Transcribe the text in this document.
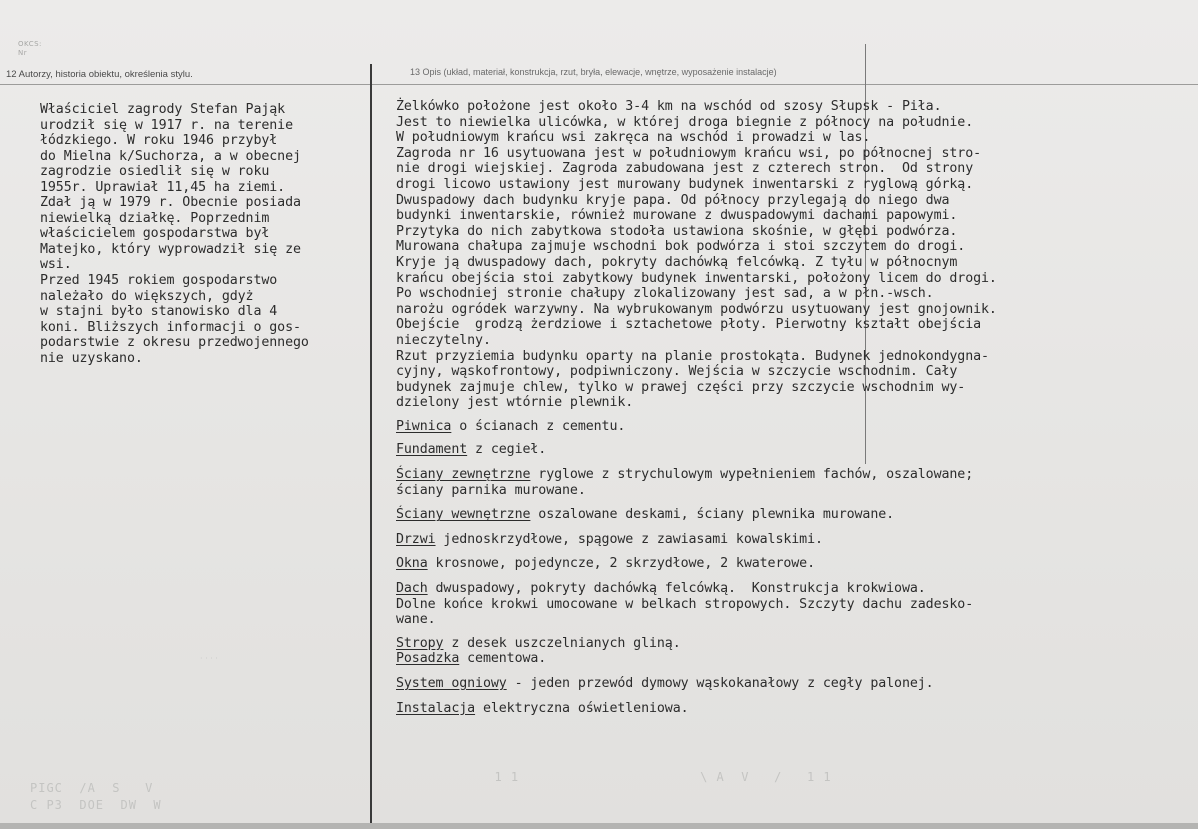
OKCS:
Nr
12 Autorzy, historia obiektu, określenia stylu.	13 Opis (układ, materiał, konstrukcja, rzut, bryła, elewacje, wnętrze, wyposażenie instalacje)
Właściciel zagrody Stefan Pająk
urodził się w 1917 r. na terenie
łódzkiego. W roku 1946 przybył
do Mielna k/Suchorza, a w obecnej
zagrodzie osiedlił się w roku
1955r. Uprawiał 11,45 ha ziemi.
Zdał ją w 1979 r. Obecnie posiada
niewielką działkę. Poprzednim
właścicielem gospodarstwa był
Matejko, który wyprowadził się ze
wsi.
Przed 1945 rokiem gospodarstwo
należało do większych, gdyż
w stajni było stanowisko dla 4
koni. Bliższych informacji o gos-
podarstwie z okresu przedwojennego
nie uzyskano.
Żelkówko położone jest około 3-4 km na wschód od szosy Słupsk - Piła.
Jest to niewielka ulicówka, w której droga biegnie z północy na południe.
W południowym krańcu wsi zakręca na wschód i prowadzi w las.
Zagroda nr 16 usytuowana jest w południowym krańcu wsi, po północnej stro-
nie drogi wiejskiej. Zagroda zabudowana jest z czterech stron.  Od strony
drogi licowo ustawiony jest murowany budynek inwentarski z ryglową górką.
Dwuspadowy dach budynku kryje papa. Od północy przylegają do niego dwa
budynki inwentarskie, również murowane z dwuspadowymi dachami papowymi.
Przytyka do nich zabytkowa stodoła ustawiona skośnie, w głębi podwórza.
Murowana chałupa zajmuje wschodni bok podwórza i stoi szczytem do drogi.
Kryje ją dwuspadowy dach, pokryty dachówką felcówką. Z tyłu w północnym
krańcu obejścia stoi zabytkowy budynek inwentarski, położony licem do drogi.
Po wschodniej stronie chałupy zlokalizowany jest sad, a w płn.-wsch.
narożu ogródek warzywny. Na wybrukowanym podwórzu usytuowany jest gnojownik.
Obejście  grodzą żerdziowe i sztachetowe płoty. Pierwotny kształt obejścia
nieczytelny.
Rzut przyziemia budynku oparty na planie prostokąta. Budynek jednokondygna-
cyjny, wąskofrontowy, podpiwniczony. Wejścia w szczycie wschodnim. Cały
budynek zajmuje chlew, tylko w prawej części przy szczycie wschodnim wy-
dzielony jest wtórnie plewnik.
Piwnica o ścianach z cementu.
Fundament z cegieł.
Ściany zewnętrzne ryglowe z strychulowym wypełnieniem fachów, oszalowane;
ściany parnika murowane.
Ściany wewnętrzne oszalowane deskami, ściany plewnika murowane.
Drzwi jednoskrzydłowe, spągowe z zawiasami kowalskimi.
Okna krosnowe, pojedyncze, 2 skrzydłowe, 2 kwaterowe.
Dach dwuspadowy, pokryty dachówką felcówką.  Konstrukcja krokwiowa.
Dolne końce krokwi umocowane w belkach stropowych. Szczyty dachu zadesko-
wane.
Stropy z desek uszczelnianych gliną.
Posadzka cementowa.
System ogniowy - jeden przewód dymowy wąskokanałowy z cegły palonej.
Instalacja elektryczna oświetleniowa.
· · · ·
PIGC  /A  S   V
C P3  DOE  DW  W
1 1                      \ A  V   /   1 1
